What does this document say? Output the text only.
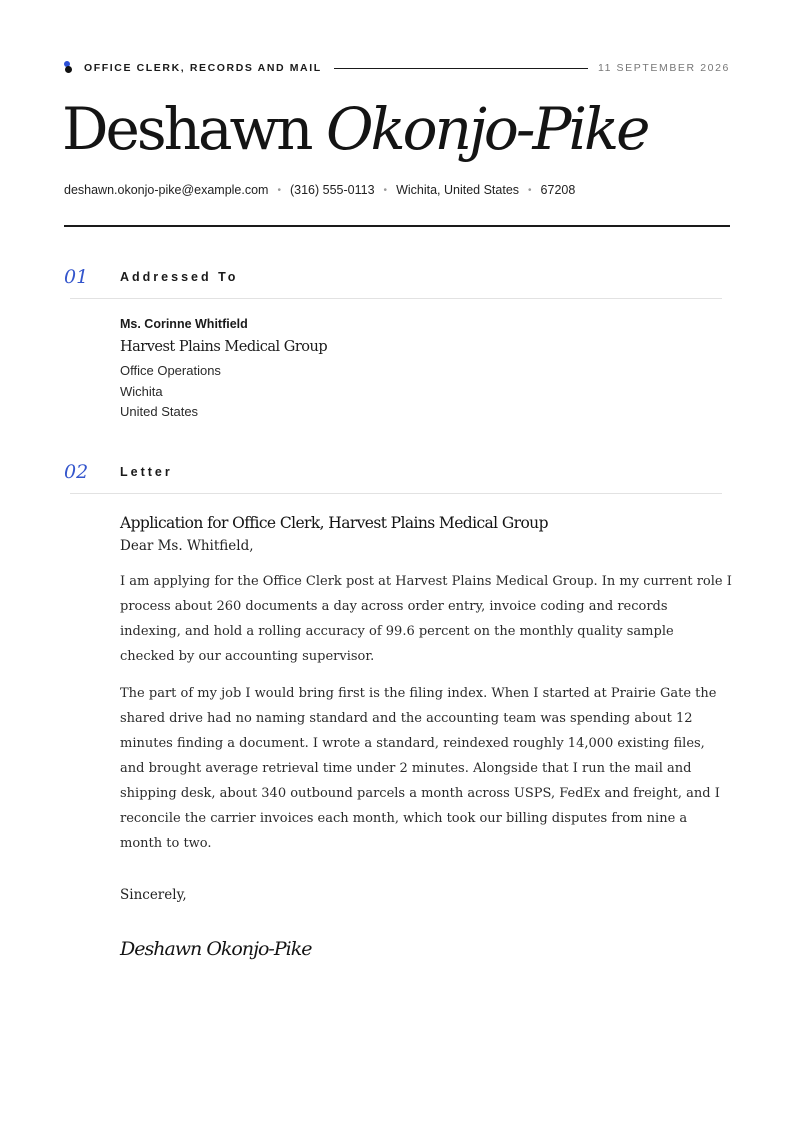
OFFICE CLERK, RECORDS AND MAIL	11 SEPTEMBER 2026
Deshawn Okonjo-Pike
deshawn.okonjo-pike@example.com • (316) 555-0113 • Wichita, United States • 67208
01	Addressed To
Ms. Corinne Whitfield
Harvest Plains Medical Group
Office Operations
Wichita
United States
02	Letter
Application for Office Clerk, Harvest Plains Medical Group
Dear Ms. Whitfield,

I am applying for the Office Clerk post at Harvest Plains Medical Group. In my current role I process about 260 documents a day across order entry, invoice coding and records indexing, and hold a rolling accuracy of 99.6 percent on the monthly quality sample checked by our accounting supervisor.

The part of my job I would bring first is the filing index. When I started at Prairie Gate the shared drive had no naming standard and the accounting team was spending about 12 minutes finding a document. I wrote a standard, reindexed roughly 14,000 existing files, and brought average retrieval time under 2 minutes. Alongside that I run the mail and shipping desk, about 340 outbound parcels a month across USPS, FedEx and freight, and I reconcile the carrier invoices each month, which took our billing disputes from nine a month to two.

Sincerely,
Deshawn Okonjo-Pike
